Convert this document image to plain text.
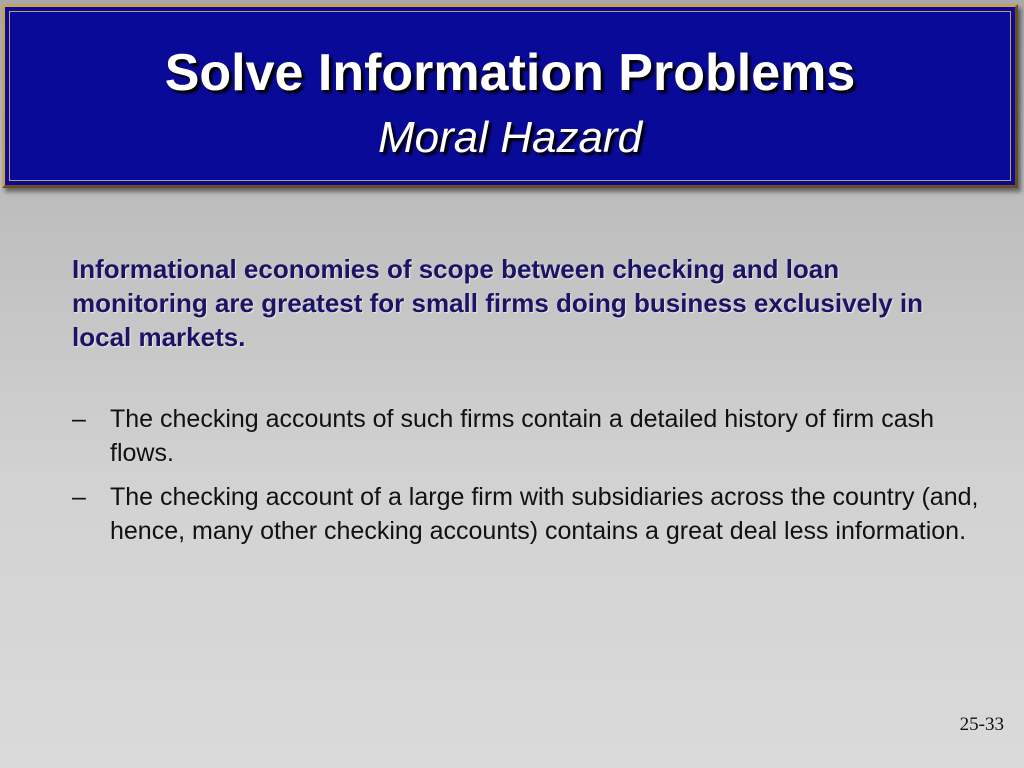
Solve Information Problems
Moral Hazard
Informational economies of scope between checking and loan monitoring are greatest for small firms doing business exclusively in local markets.
– The checking accounts of such firms contain a detailed history of firm cash flows.
– The checking account of a large firm with subsidiaries across the country (and, hence, many other checking accounts) contains a great deal less information.
25-33
